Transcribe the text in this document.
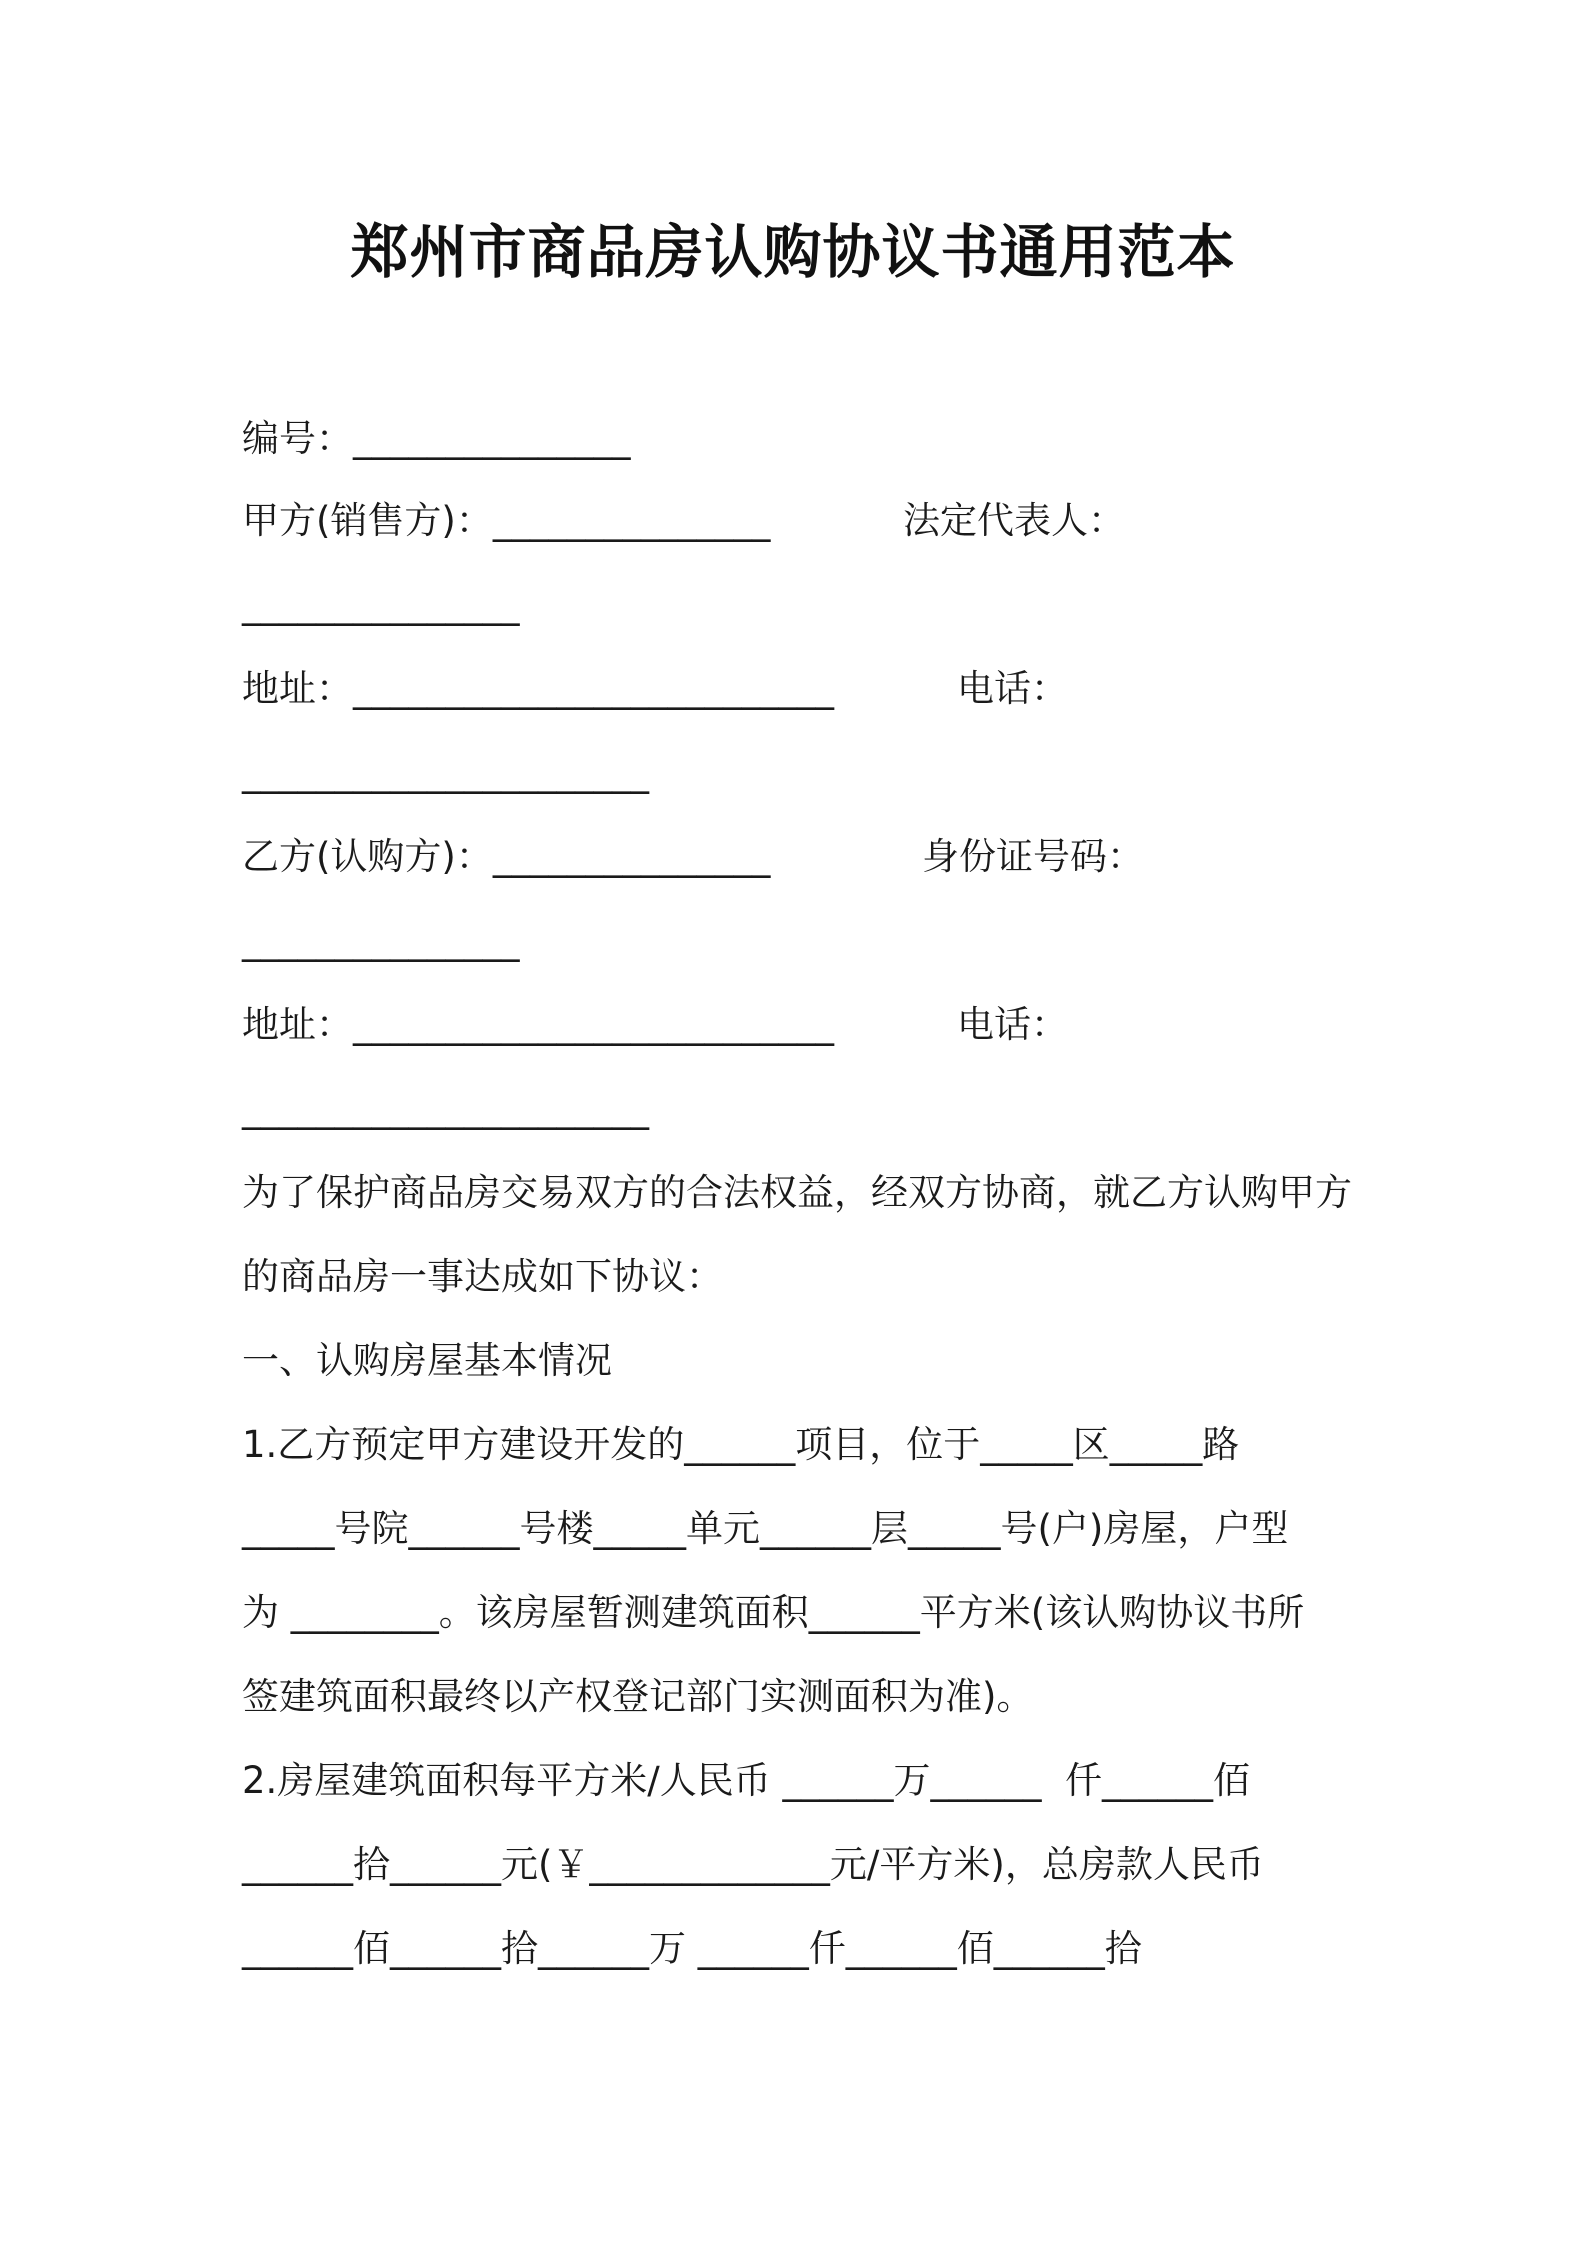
郑州市商品房认购协议书通用范本
编号：_______________
甲方(销售方)：_______________	法定代表人：
_______________
地址：__________________________	电话：
______________________
乙方(认购方)：_______________	身份证号码：
_______________
地址：__________________________	电话：
______________________
为了保护商品房交易双方的合法权益，经双方协商，就乙方认购甲方
的商品房一事达成如下协议：
一、认购房屋基本情况
1.乙方预定甲方建设开发的______项目，位于_____区_____路
_____号院______号楼_____单元______层_____号(户)房屋，户型
为 ________。该房屋暂测建筑面积______平方米(该认购协议书所
签建筑面积最终以产权登记部门实测面积为准)。
2.房屋建筑面积每平方米/人民币 ______万______  仟______佰
______拾______元(￥_____________元/平方米)，总房款人民币
______佰______拾______万 ______仟______佰______拾
